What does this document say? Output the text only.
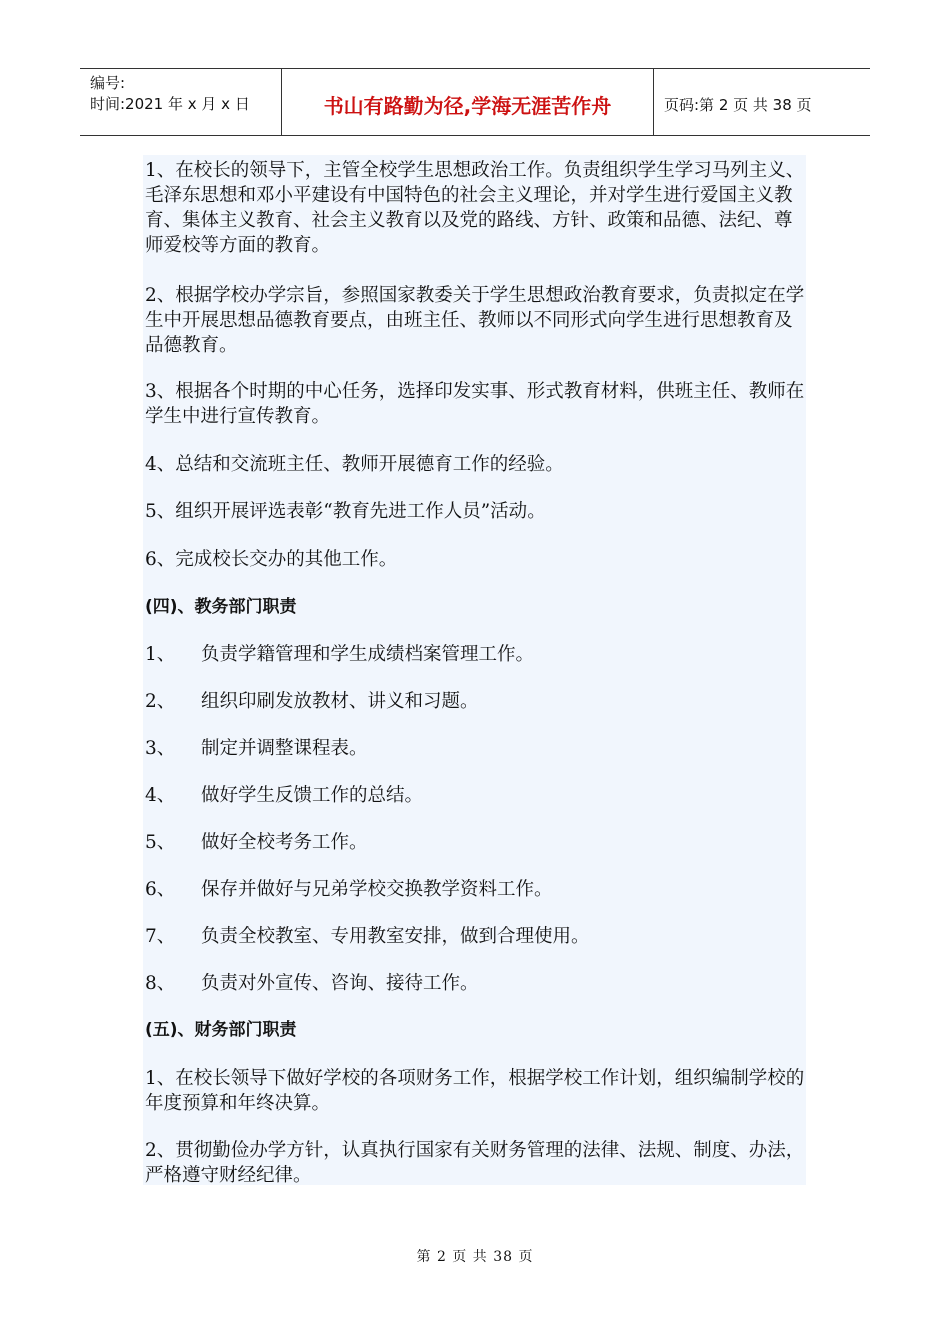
编号:
时间:2021 年 x 月 x 日	书山有路勤为径,学海无涯苦作舟	页码:第 2 页 共 38 页

1、在校长的领导下，主管全校学生思想政治工作。负责组织学生学习马列主义、毛泽东思想和邓小平建设有中国特色的社会主义理论，并对学生进行爱国主义教育、集体主义教育、社会主义教育以及党的路线、方针、政策和品德、法纪、尊师爱校等方面的教育。

2、根据学校办学宗旨，参照国家教委关于学生思想政治教育要求，负责拟定在学生中开展思想品德教育要点，由班主任、教师以不同形式向学生进行思想教育及品德教育。

3、根据各个时期的中心任务，选择印发实事、形式教育材料，供班主任、教师在学生中进行宣传教育。

4、总结和交流班主任、教师开展德育工作的经验。

5、组织开展评选表彰“教育先进工作人员”活动。

6、完成校长交办的其他工作。

(四)、教务部门职责

1、 负责学籍管理和学生成绩档案管理工作。

2、 组织印刷发放教材、讲义和习题。

3、 制定并调整课程表。

4、 做好学生反馈工作的总结。

5、 做好全校考务工作。

6、 保存并做好与兄弟学校交换教学资料工作。

7、 负责全校教室、专用教室安排，做到合理使用。

8、 负责对外宣传、咨询、接待工作。

(五)、财务部门职责

1、在校长领导下做好学校的各项财务工作，根据学校工作计划，组织编制学校的年度预算和年终决算。

2、贯彻勤俭办学方针，认真执行国家有关财务管理的法律、法规、制度、办法，严格遵守财经纪律。

第 2 页 共 38 页
